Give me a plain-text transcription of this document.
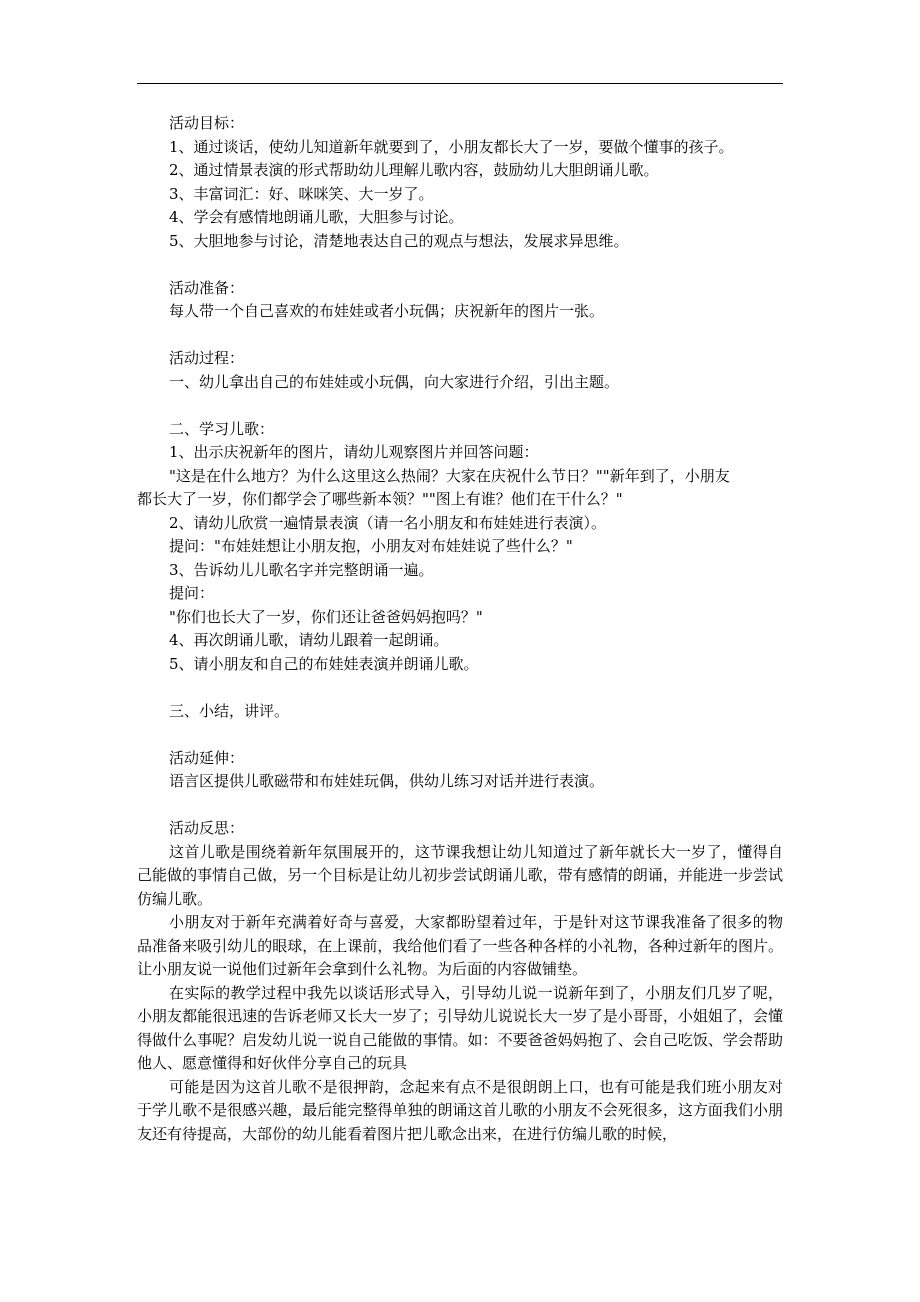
活动目标：
1、通过谈话，使幼儿知道新年就要到了，小朋友都长大了一岁，要做个懂事的孩子。
2、通过情景表演的形式帮助幼儿理解儿歌内容，鼓励幼儿大胆朗诵儿歌。
3、丰富词汇：好、咪咪笑、大一岁了。
4、学会有感情地朗诵儿歌，大胆参与讨论。
5、大胆地参与讨论，清楚地表达自己的观点与想法，发展求异思维。
活动准备：
每人带一个自己喜欢的布娃娃或者小玩偶；庆祝新年的图片一张。
活动过程：
一、幼儿拿出自己的布娃娃或小玩偶，向大家进行介绍，引出主题。
二、学习儿歌：
1、出示庆祝新年的图片，请幼儿观察图片并回答问题：
"这是在什么地方？为什么这里这么热闹？大家在庆祝什么节日？""新年到了，小朋友
都长大了一岁，你们都学会了哪些新本领？""图上有谁？他们在干什么？"
2、请幼儿欣赏一遍情景表演（请一名小朋友和布娃娃进行表演）。
提问："布娃娃想让小朋友抱，小朋友对布娃娃说了些什么？"
3、告诉幼儿儿歌名字并完整朗诵一遍。
提问：
"你们也长大了一岁，你们还让爸爸妈妈抱吗？"
4、再次朗诵儿歌，请幼儿跟着一起朗诵。
5、请小朋友和自己的布娃娃表演并朗诵儿歌。
三、小结，讲评。
活动延伸：
语言区提供儿歌磁带和布娃娃玩偶，供幼儿练习对话并进行表演。
活动反思：
这首儿歌是围绕着新年氛围展开的，这节课我想让幼儿知道过了新年就长大一岁了，懂得自己能做的事情自己做，另一个目标是让幼儿初步尝试朗诵儿歌，带有感情的朗诵，并能进一步尝试仿编儿歌。
小朋友对于新年充满着好奇与喜爱，大家都盼望着过年，于是针对这节课我准备了很多的物品准备来吸引幼儿的眼球，在上课前，我给他们看了一些各种各样的小礼物，各种过新年的图片。让小朋友说一说他们过新年会拿到什么礼物。为后面的内容做铺垫。
在实际的教学过程中我先以谈话形式导入，引导幼儿说一说新年到了，小朋友们几岁了呢，小朋友都能很迅速的告诉老师又长大一岁了；引导幼儿说说长大一岁了是小哥哥，小姐姐了，会懂得做什么事呢？启发幼儿说一说自己能做的事情。如：不要爸爸妈妈抱了、会自己吃饭、学会帮助他人、愿意懂得和好伙伴分享自己的玩具
可能是因为这首儿歌不是很押韵，念起来有点不是很朗朗上口，也有可能是我们班小朋友对于学儿歌不是很感兴趣，最后能完整得单独的朗诵这首儿歌的小朋友不会死很多，这方面我们小朋友还有待提高，大部份的幼儿能看着图片把儿歌念出来，在进行仿编儿歌的时候，
